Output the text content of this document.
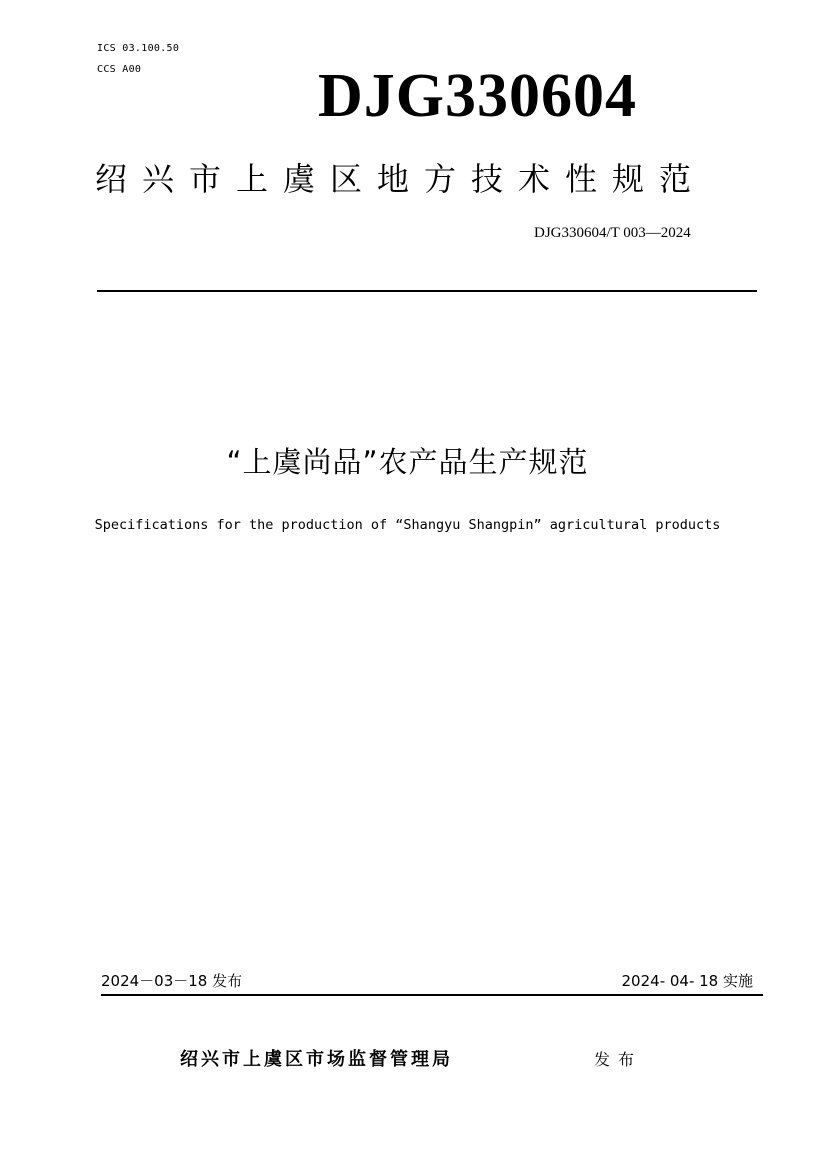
ICS 03.100.50
CCS A00	DJG330604
绍兴市上虞区地方技术性规范
DJG330604/T 003—2024
“上虞尚品”农产品生产规范
Specifications for the production of “Shangyu Shangpin” agricultural products
2024－03－18 发布	2024- 04- 18 实施
绍兴市上虞区市场监督管理局	发布
